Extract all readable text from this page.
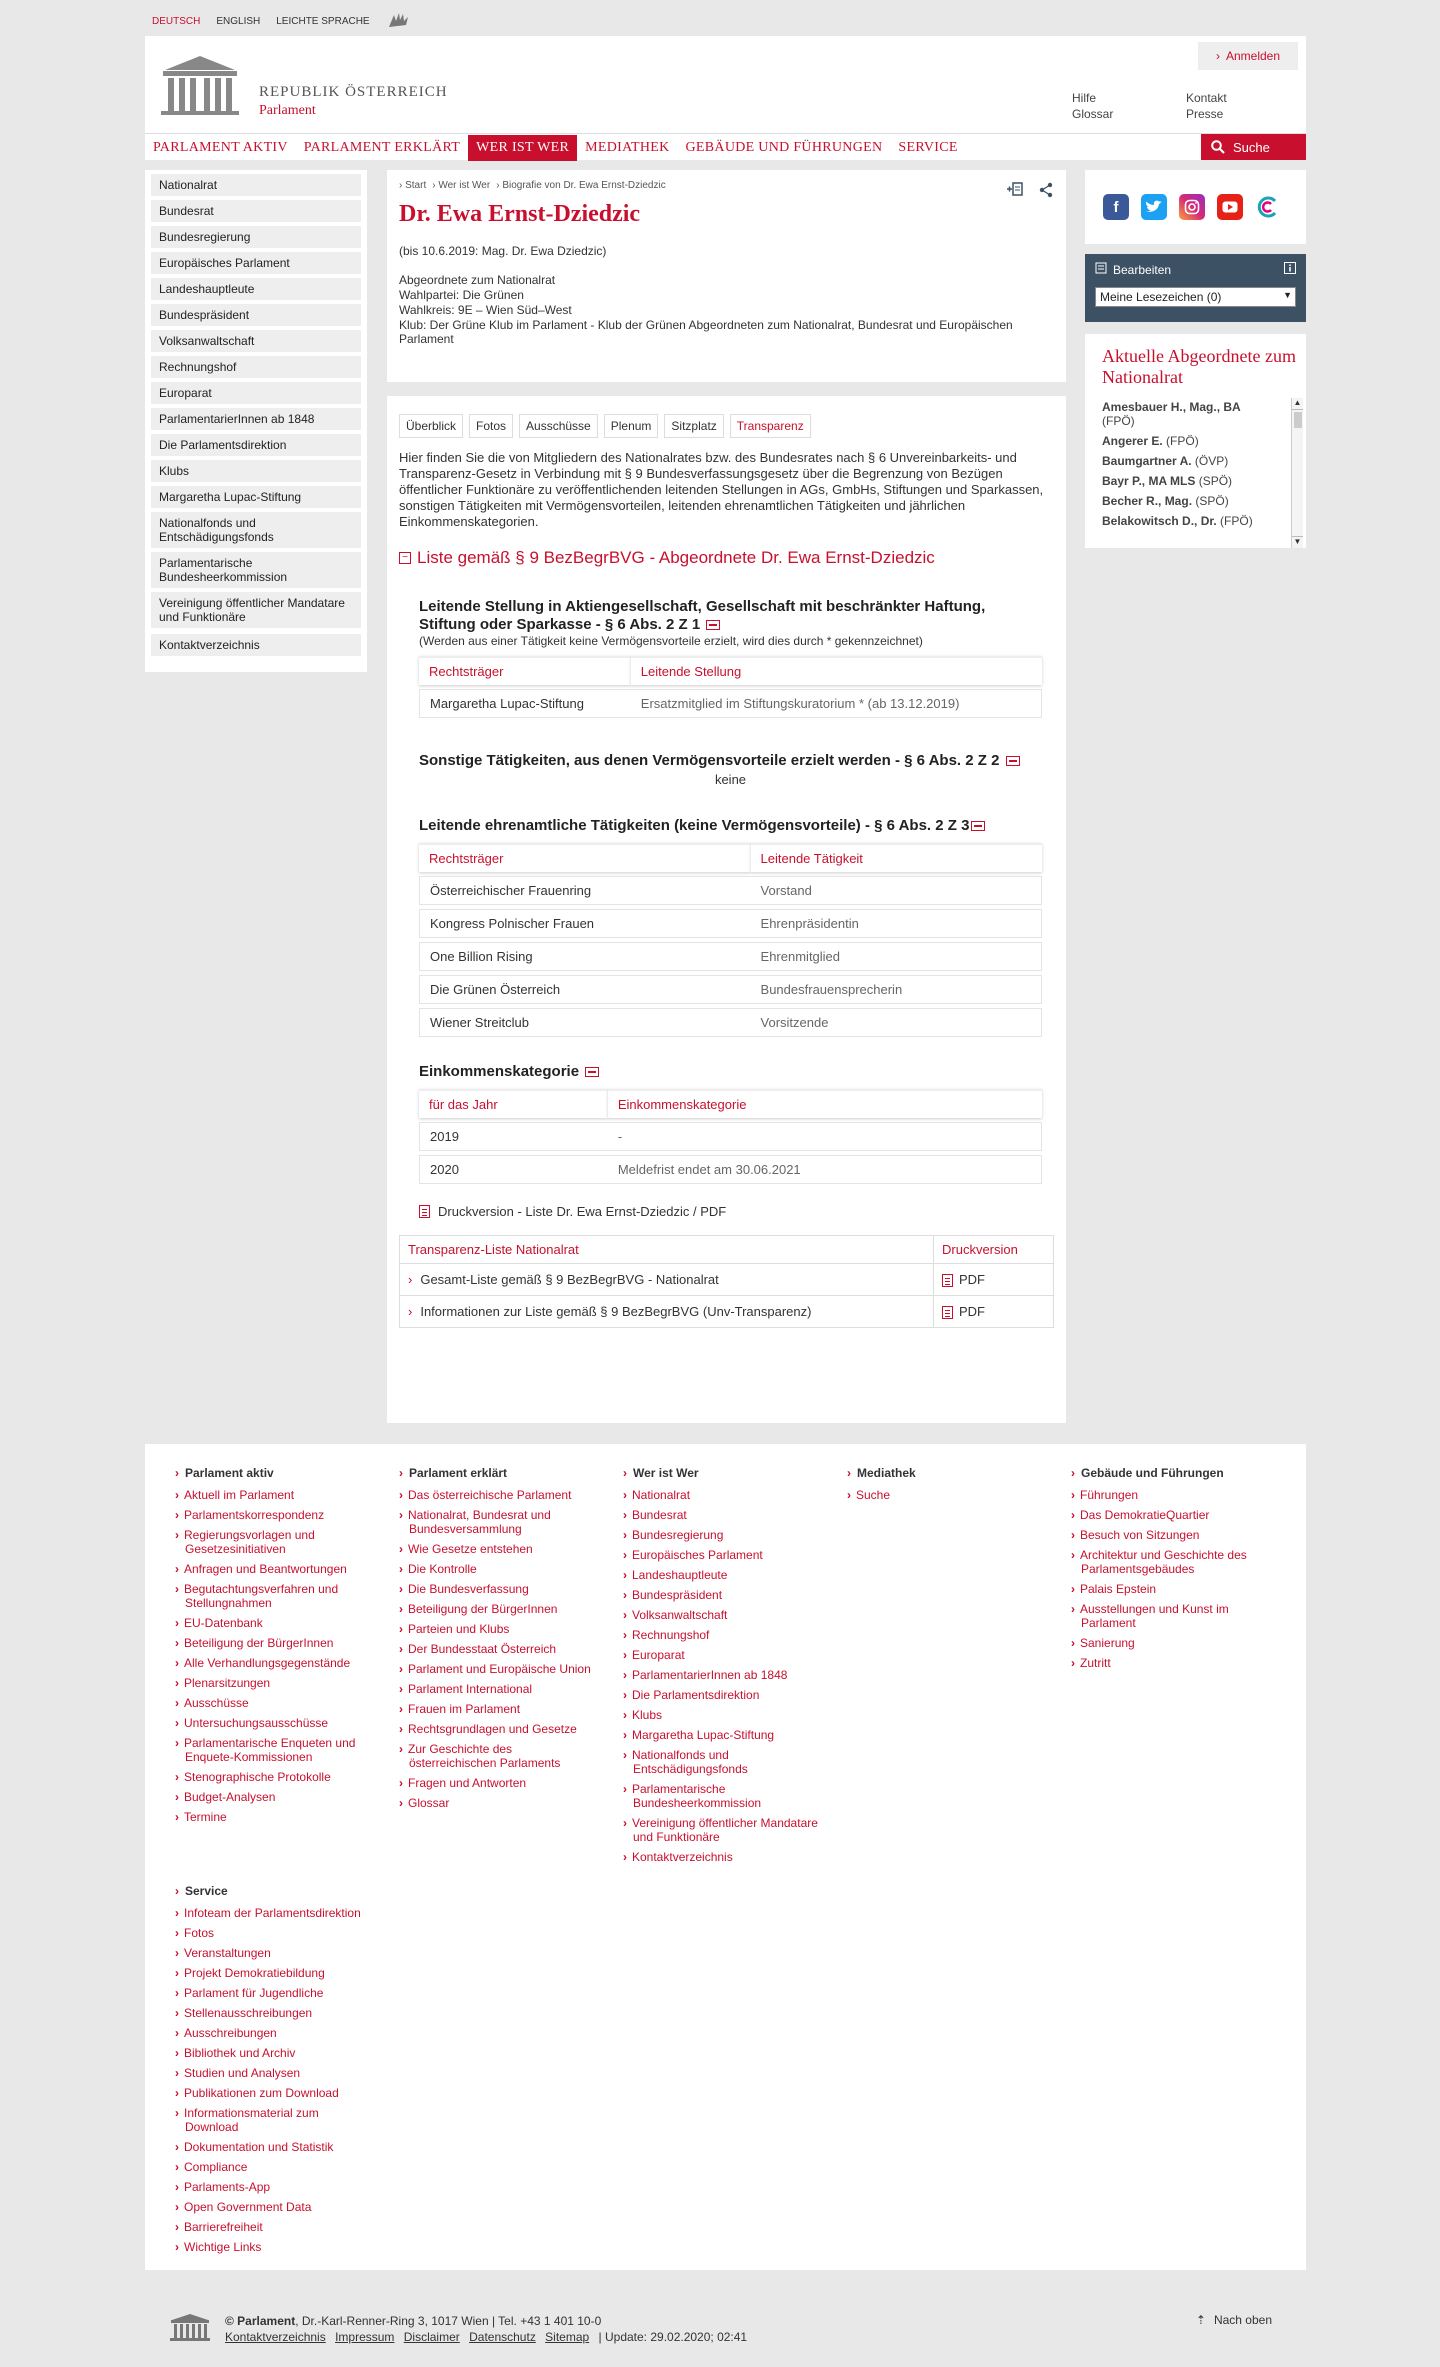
DEUTSCH ENGLISH LEICHTE SPRACHE
REPUBLIK ÖSTERREICH
Parlament
› Anmelden
Hilfe	Kontakt
Glossar	Presse
PARLAMENT AKTIV	PARLAMENT ERKLÄRT	WER IST WER	MEDIATHEK	GEBÄUDE UND FÜHRUNGEN	SERVICE	Suche
Nationalrat
Bundesrat
Bundesregierung
Europäisches Parlament
Landeshauptleute
Bundespräsident
Volksanwaltschaft
Rechnungshof
Europarat
ParlamentarierInnen ab 1848
Die Parlamentsdirektion
Klubs
Margaretha Lupac-Stiftung
Nationalfonds und Entschädigungsfonds
Parlamentarische Bundesheerkommission
Vereinigung öffentlicher Mandatare und Funktionäre
Kontaktverzeichnis
› Start › Wer ist Wer › Biografie von Dr. Ewa Ernst-Dziedzic
Dr. Ewa Ernst-Dziedzic
(bis 10.6.2019: Mag. Dr. Ewa Dziedzic)
Abgeordnete zum Nationalrat
Wahlpartei: Die Grünen
Wahlkreis: 9E – Wien Süd–West
Klub: Der Grüne Klub im Parlament - Klub der Grünen Abgeordneten zum Nationalrat, Bundesrat und Europäischen Parlament
Überblick	Fotos	Ausschüsse	Plenum	Sitzplatz	Transparenz

Hier finden Sie die von Mitgliedern des Nationalrates bzw. des Bundesrates nach § 6 Unvereinbarkeits- und Transparenz-Gesetz in Verbindung mit § 9 Bundesverfassungsgesetz über die Begrenzung von Bezügen öffentlicher Funktionäre zu veröffentlichenden leitenden Stellungen in AGs, GmbHs, Stiftungen und Sparkassen, sonstigen Tätigkeiten mit Vermögensvorteilen, leitenden ehrenamtlichen Tätigkeiten und jährlichen Einkommenskategorien.

− Liste gemäß § 9 BezBegrBVG - Abgeordnete Dr. Ewa Ernst-Dziedzic
Leitende Stellung in Aktiengesellschaft, Gesellschaft mit beschränkter Haftung, Stiftung oder Sparkasse - § 6 Abs. 2 Z 1
(Werden aus einer Tätigkeit keine Vermögensvorteile erzielt, wird dies durch * gekennzeichnet)
Rechtsträger	Leitende Stellung
Margaretha Lupac-Stiftung	Ersatzmitglied im Stiftungskuratorium * (ab 13.12.2019)
Sonstige Tätigkeiten, aus denen Vermögensvorteile erzielt werden - § 6 Abs. 2 Z 2
keine
Leitende ehrenamtliche Tätigkeiten (keine Vermögensvorteile) - § 6 Abs. 2 Z 3
Rechtsträger	Leitende Tätigkeit
Österreichischer Frauenring	Vorstand
Kongress Polnischer Frauen	Ehrenpräsidentin
One Billion Rising	Ehrenmitglied
Die Grünen Österreich	Bundesfrauensprecherin
Wiener Streitclub	Vorsitzende
Einkommenskategorie
für das Jahr	Einkommenskategorie
2019	-
2020	Meldefrist endet am 30.06.2021
Druckversion - Liste Dr. Ewa Ernst-Dziedzic / PDF
Transparenz-Liste Nationalrat	Druckversion
› Gesamt-Liste gemäß § 9 BezBegrBVG - Nationalrat	PDF
› Informationen zur Liste gemäß § 9 BezBegrBVG (Unv-Transparenz)	PDF
f
Bearbeiten
Meine Lesezeichen (0) ▼
Aktuelle Abgeordnete zum Nationalrat
Amesbauer H., Mag., BA
(FPÖ)
Angerer E. (FPÖ)
Baumgartner A. (ÖVP)
Bayr P., MA MLS (SPÖ)
Becher R., Mag. (SPÖ)
Belakowitsch D., Dr. (FPÖ)
▲
▼
› Parlament aktiv
› Aktuell im Parlament
› Parlamentskorrespondenz
› Regierungsvorlagen und Gesetzesinitiativen
› Anfragen und Beantwortungen
› Begutachtungsverfahren und Stellungnahmen
› EU-Datenbank
› Beteiligung der BürgerInnen
› Alle Verhandlungsgegenstände
› Plenarsitzungen
› Ausschüsse
› Untersuchungsausschüsse
› Parlamentarische Enqueten und Enquete-Kommissionen
› Stenographische Protokolle
› Budget-Analysen
› Termine
› Parlament erklärt
› Das österreichische Parlament
› Nationalrat, Bundesrat und Bundesversammlung
› Wie Gesetze entstehen
› Die Kontrolle
› Die Bundesverfassung
› Beteiligung der BürgerInnen
› Parteien und Klubs
› Der Bundesstaat Österreich
› Parlament und Europäische Union
› Parlament International
› Frauen im Parlament
› Rechtsgrundlagen und Gesetze
› Zur Geschichte des österreichischen Parlaments
› Fragen und Antworten
› Glossar
› Wer ist Wer
› Nationalrat
› Bundesrat
› Bundesregierung
› Europäisches Parlament
› Landeshauptleute
› Bundespräsident
› Volksanwaltschaft
› Rechnungshof
› Europarat
› ParlamentarierInnen ab 1848
› Die Parlamentsdirektion
› Klubs
› Margaretha Lupac-Stiftung
› Nationalfonds und Entschädigungsfonds
› Parlamentarische Bundesheerkommission
› Vereinigung öffentlicher Mandatare und Funktionäre
› Kontaktverzeichnis
› Mediathek
› Suche
› Gebäude und Führungen
› Führungen
› Das DemokratieQuartier
› Besuch von Sitzungen
› Architektur und Geschichte des Parlamentsgebäudes
› Palais Epstein
› Ausstellungen und Kunst im Parlament
› Sanierung
› Zutritt
› Service
› Infoteam der Parlamentsdirektion
› Fotos
› Veranstaltungen
› Projekt Demokratiebildung
› Parlament für Jugendliche
› Stellenausschreibungen
› Ausschreibungen
› Bibliothek und Archiv
› Studien und Analysen
› Publikationen zum Download
› Informationsmaterial zum Download
› Dokumentation und Statistik
› Compliance
› Parlaments-App
› Open Government Data
› Barrierefreiheit
› Wichtige Links
© Parlament, Dr.-Karl-Renner-Ring 3, 1017 Wien | Tel. +43 1 401 10-0
Kontaktverzeichnis Impressum Disclaimer Datenschutz Sitemap | Update: 29.02.2020; 02:41
⇡ Nach oben
